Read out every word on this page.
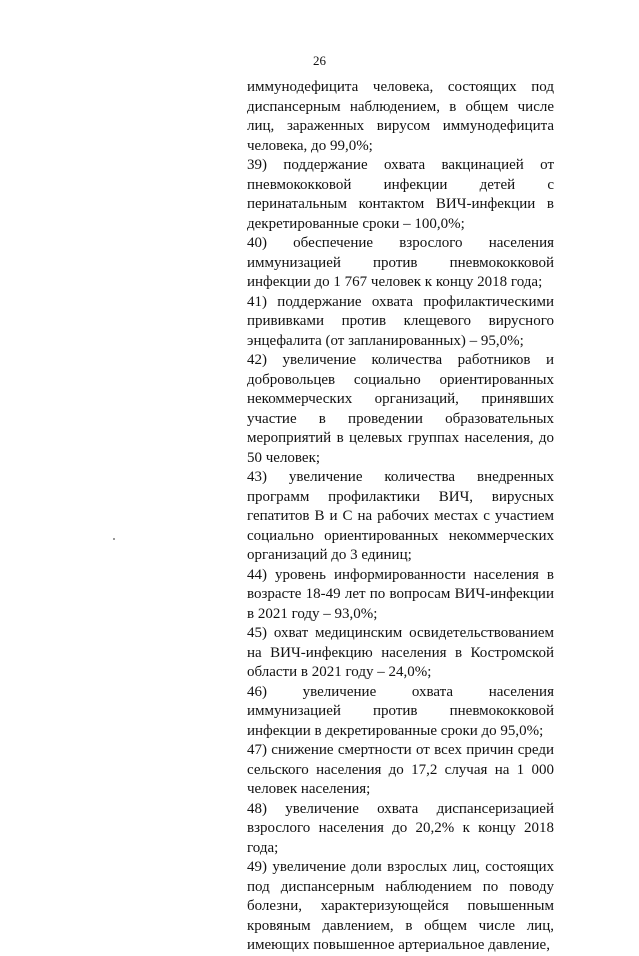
26

иммунодефицита человека, состоящих под диспансерным наблюдением, в общем числе лиц, зараженных вирусом иммунодефицита человека, до 99,0%;

39) поддержание охвата вакцинацией от пневмококковой инфекции детей с перинатальным контактом ВИЧ-инфекции в декретированные сроки – 100,0%;

40) обеспечение взрослого населения иммунизацией против пневмококковой инфекции до 1 767 человек к концу 2018 года;

41) поддержание охвата профилактическими прививками против клещевого вирусного энцефалита (от запланированных) – 95,0%;

42) увеличение количества работников и добровольцев социально ориентированных некоммерческих организаций, принявших участие в проведении образовательных мероприятий в целевых группах населения, до 50 человек;

43) увеличение количества внедренных программ профилактики ВИЧ, вирусных гепатитов В и С на рабочих местах с участием социально ориентированных некоммерческих организаций до 3 единиц;

44) уровень информированности населения в возрасте 18-49 лет по вопросам ВИЧ-инфекции в 2021 году – 93,0%;

45) охват медицинским освидетельствованием на ВИЧ-инфекцию населения в Костромской области в 2021 году – 24,0%;

46) увеличение охвата населения иммунизацией против пневмококковой инфекции в декретированные сроки до 95,0%;

47) снижение смертности от всех причин среди сельского населения до 17,2 случая на 1 000 человек населения;

48) увеличение охвата диспансеризацией взрослого населения до 20,2% к концу 2018 года;

49) увеличение доли взрослых лиц, состоящих под диспансерным наблюдением по поводу болезни, характеризующейся повышенным кровяным давлением, в общем числе лиц, имеющих повышенное артериальное давление,
